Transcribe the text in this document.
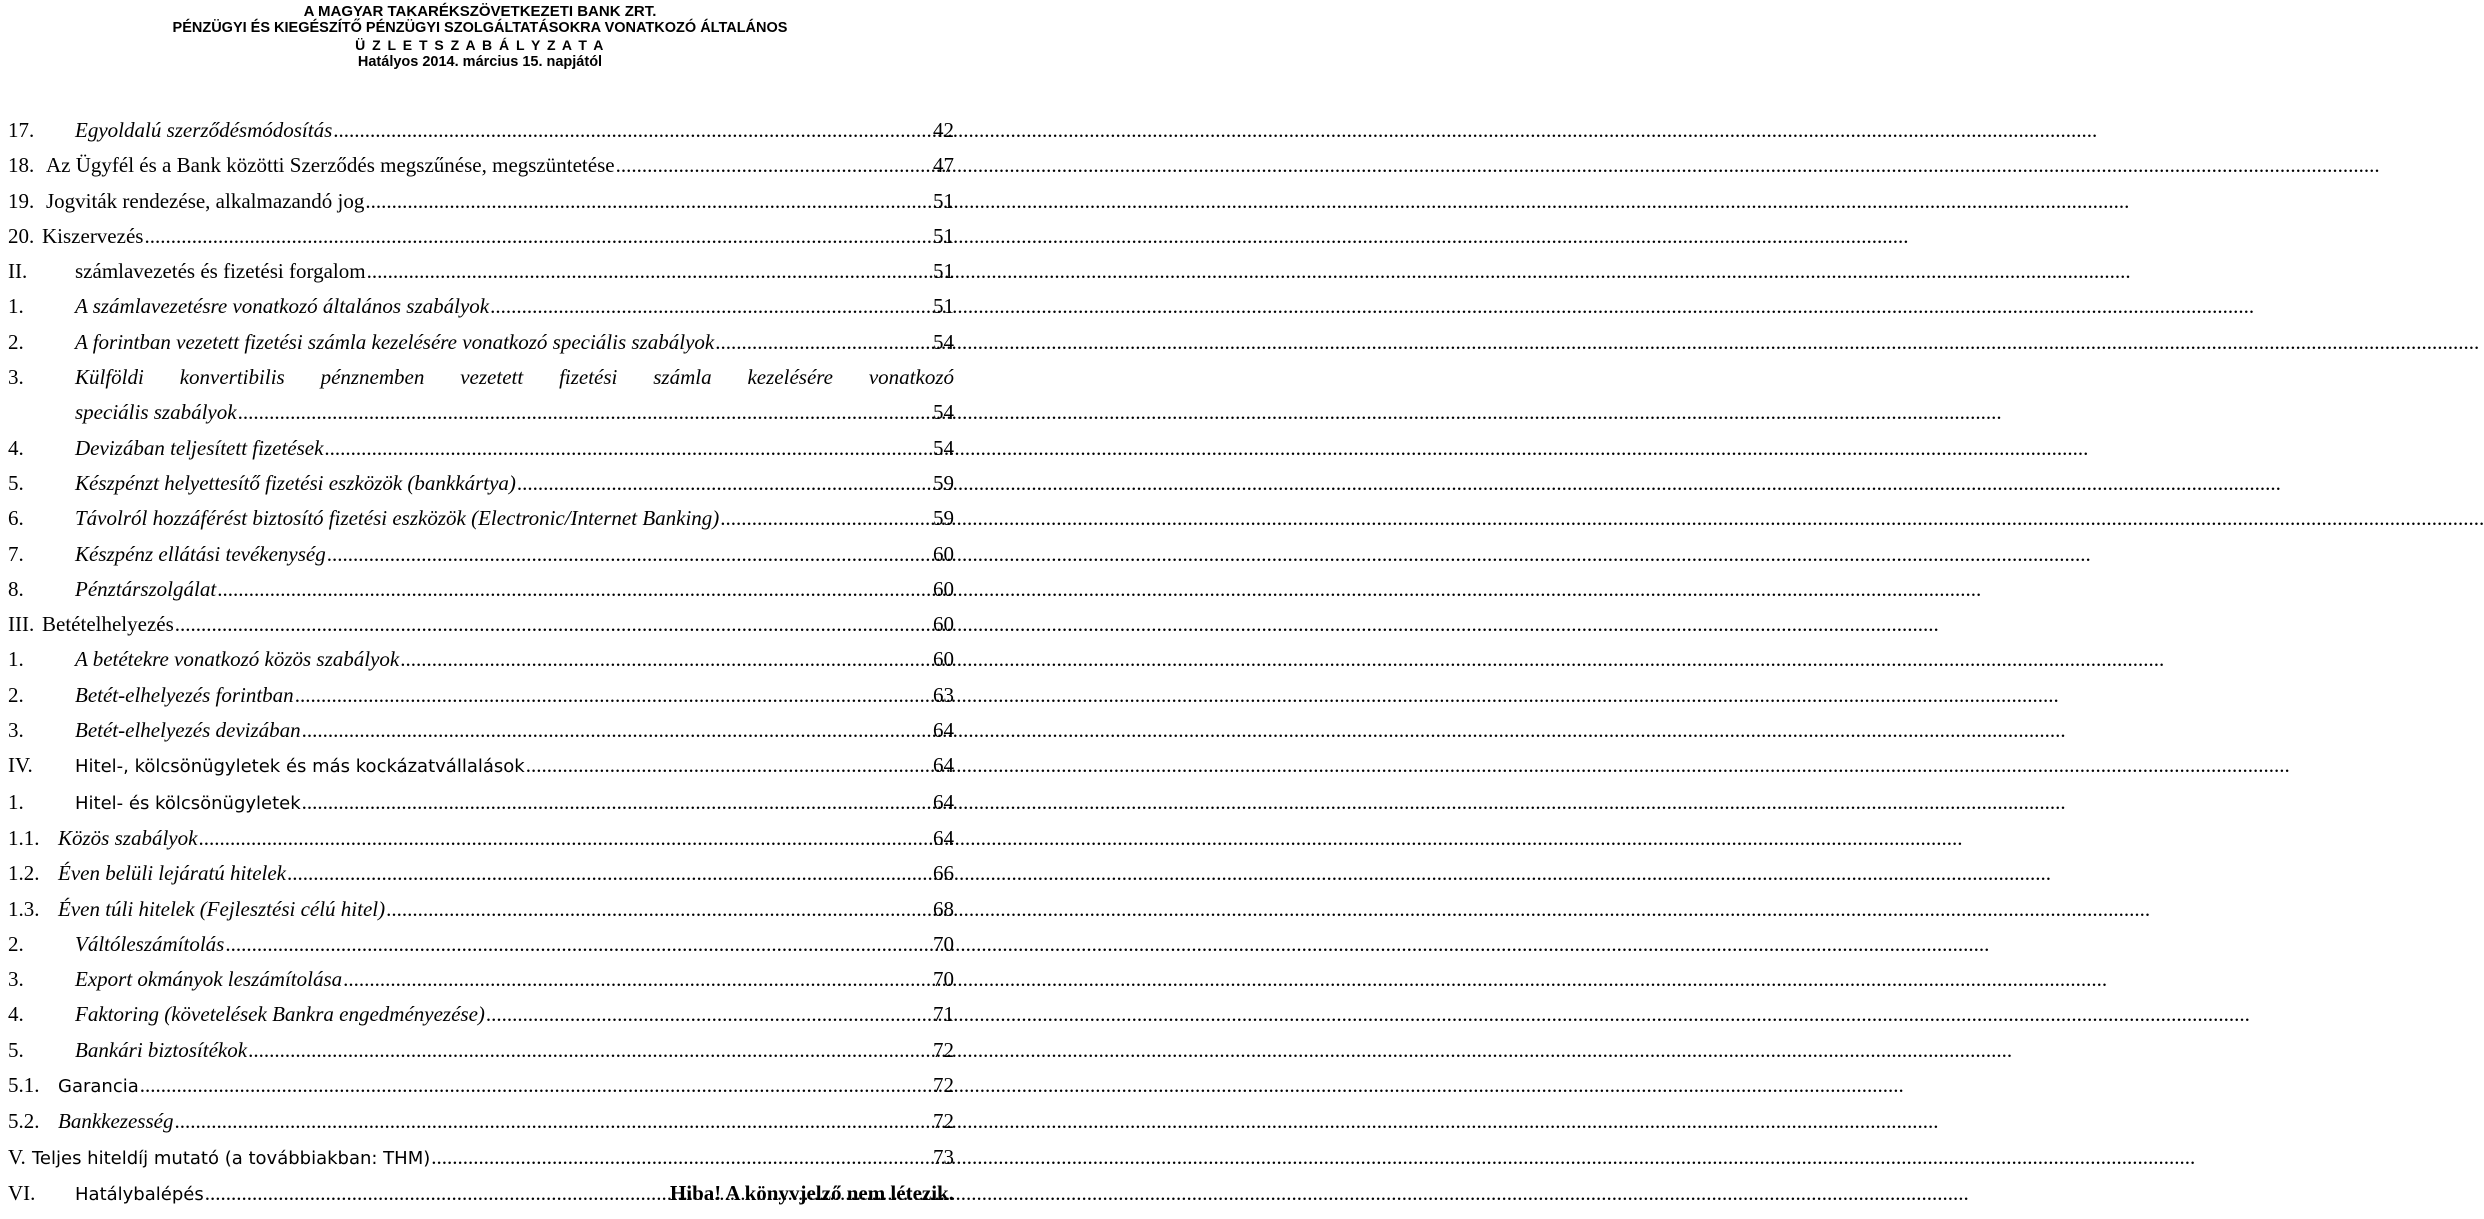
A MAGYAR TAKARÉKSZÖVETKEZETI BANK ZRT.
PÉNZÜGYI ÉS KIEGÉSZÍTŐ PÉNZÜGYI SZOLGÁLTATÁSOKRA VONATKOZÓ ÁLTALÁNOS
Ü Z L E T S Z A B Á L Y Z A T A
Hatályos 2014. március 15. napjától
17.	Egyoldalú szerződésmódosítás .....	42
18. Az Ügyfél és a Bank közötti Szerződés megszűnése, megszüntetése .....	47
19. Jogviták rendezése, alkalmazandó jog .....	51
20. Kiszervezés .....	51
II.	számlavezetés és fizetési forgalom .....	51
1.	A számlavezetésre vonatkozó általános szabályok .....	51
2.	A forintban vezetett fizetési számla kezelésére vonatkozó speciális szabályok .....	54
3.	Külföldi konvertibilis pénznemben vezetett fizetési számla kezelésére vonatkozó
speciális szabályok .....	54
4.	Devizában teljesített fizetések .....	54
5.	Készpénzt helyettesítő fizetési eszközök (bankkártya) .....	59
6.	Távolról hozzáférést biztosító fizetési eszközök (Electronic/Internet Banking) .....	59
7.	Készpénz ellátási tevékenység .....	60
8.	Pénztárszolgálat .....	60
III. Betételhelyezés .....	60
1.	A betétekre vonatkozó közös szabályok .....	60
2.	Betét-elhelyezés forintban .....	63
3.	Betét-elhelyezés devizában .....	64
IV.	Hitel-, kölcsönügyletek és más kockázatvállalások .....	64
1.	Hitel- és kölcsönügyletek .....	64
1.1. Közös szabályok .....	64
1.2. Éven belüli lejáratú hitelek .....	66
1.3. Éven túli hitelek (Fejlesztési célú hitel) .....	68
2.	Váltóleszámítolás .....	70
3.	Export okmányok leszámítolása .....	70
4.	Faktoring (követelések Bankra engedményezése) .....	71
5.	Bankári biztosítékok .....	72
5.1.	Garancia .....	72
5.2. Bankkezesség .....	72
V. Teljes hiteldíj mutató (a továbbiakban: THM) .....	73
VI.	Hatálybalépés .....	Hiba! A könyvjelző nem létezik.
